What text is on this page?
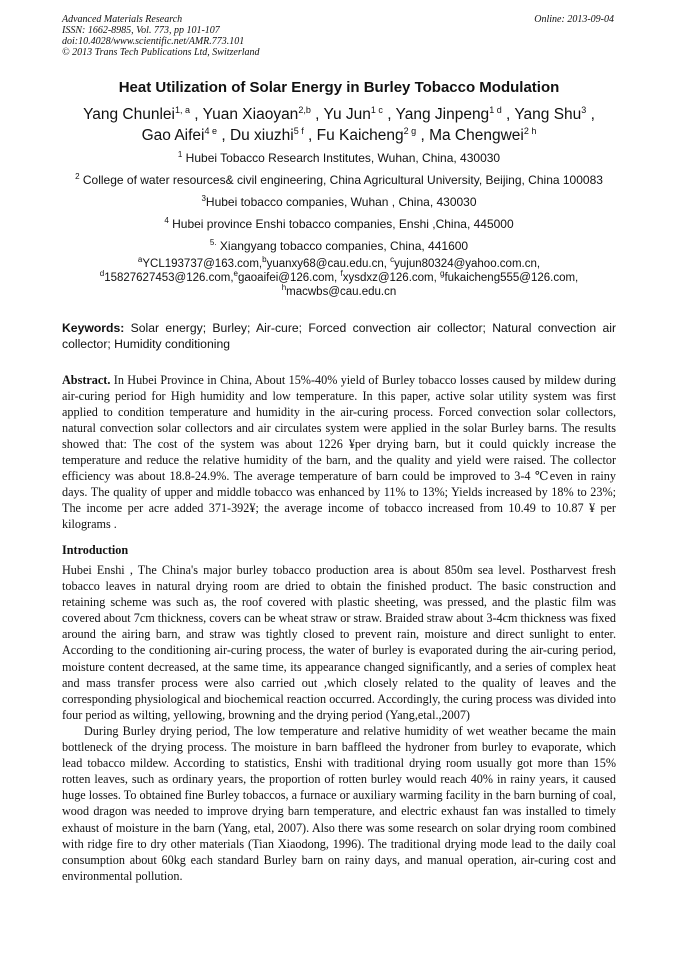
Advanced Materials Research
ISSN: 1662-8985, Vol. 773, pp 101-107
doi:10.4028/www.scientific.net/AMR.773.101
© 2013 Trans Tech Publications Ltd, Switzerland
Online: 2013-09-04
Heat Utilization of Solar Energy in Burley Tobacco Modulation
Yang Chunlei$^{1, a}$ , Yuan Xiaoyan$^{2,b}$ , Yu Jun$^{1 c}$ , Yang Jinpeng$^{1 d}$ , Yang Shu$^3$ ,
Gao Aifei$^{4 e}$ , Du xiuzhi$^{5 f}$ , Fu Kaicheng$^{2 g}$ , Ma Chengwei$^{2 h}$
$^1$ Hubei Tobacco Research Institutes, Wuhan, China, 430030
$^2$ College of water resources& civil engineering, China Agricultural University, Beijing, China 100083
$^3$Hubei tobacco companies, Wuhan , China, 430030
$^4$ Hubei province Enshi tobacco companies, Enshi ,China, 445000
$^{5.}$ Xiangyang tobacco companies, China, 441600
$^a$YCL193737@163.com,$^b$yuanxy68@cau.edu.cn, $^c$yujun80324@yahoo.com.cn,
$^d$15827627453@126.com,$^e$gaoaifei@126.com, $^f$xysdxz@126.com, $^g$fukaicheng555@126.com,
$^h$macwbs@cau.edu.cn
Keywords: Solar energy; Burley; Air-cure; Forced convection air collector; Natural convection air collector; Humidity conditioning
Abstract. In Hubei Province in China, About 15%-40% yield of Burley tobacco losses caused by mildew during air-curing period for High humidity and low temperature. In this paper, active solar utility system was first applied to condition temperature and humidity in the air-curing process. Forced convection solar collectors, natural convection solar collectors and air circulates system were applied in the solar Burley barns. The results showed that: The cost of the system was about 1226 ¥per drying barn, but it could quickly increase the temperature and reduce the relative humidity of the barn, and the quality and yield were raised. The collector efficiency was about 18.8-24.9%. The average temperature of barn could be improved to 3-4 ℃even in rainy days. The quality of upper and middle tobacco was enhanced by 11% to 13%; Yields increased by 18% to 23%; The income per acre added 371-392¥; the average income of tobacco increased from 10.49 to 10.87 ¥ per kilograms .
Introduction

Hubei Enshi , The China's major burley tobacco production area is about 850m sea level. Postharvest fresh tobacco leaves in natural drying room are dried to obtain the finished product. The basic construction and retaining scheme was such as, the roof covered with plastic sheeting, was pressed, and the plastic film was covered about 7cm thickness, covers can be wheat straw or straw. Braided straw about 3-4cm thickness was fixed around the airing barn, and straw was tightly closed to prevent rain, moisture and direct sunlight to enter. According to the conditioning air-curing process, the water of burley is evaporated during the air-curing period, moisture content decreased, at the same time, its appearance changed significantly, and a series of complex heat and mass transfer process were also carried out ,which closely related to the quality of leaves and the corresponding physiological and biochemical reaction occurred. Accordingly, the curing process was divided into four period as wilting, yellowing, browning and the drying period (Yang,etal.,2007)

During Burley drying period, The low temperature and relative humidity of wet weather became the main bottleneck of the drying process. The moisture in barn baffleed the hydroner from burley to evaporate, which lead tobacco mildew. According to statistics, Enshi with traditional drying room usually got more than 15% rotten leaves, such as ordinary years, the proportion of rotten burley would reach 40% in rainy years, it caused huge losses. To obtained fine Burley tobaccos, a furnace or auxiliary warming facility in the barn burning of coal, wood dragon was needed to improve drying barn temperature, and electric exhaust fan was installed to timely exhaust of moisture in the barn (Yang, etal, 2007). Also there was some research on solar drying room combined with ridge fire to dry other materials (Tian Xiaodong, 1996). The traditional drying mode lead to the daily coal consumption about 60kg each standard Burley barn on rainy days, and manual operation, air-curing cost and environmental pollution.
